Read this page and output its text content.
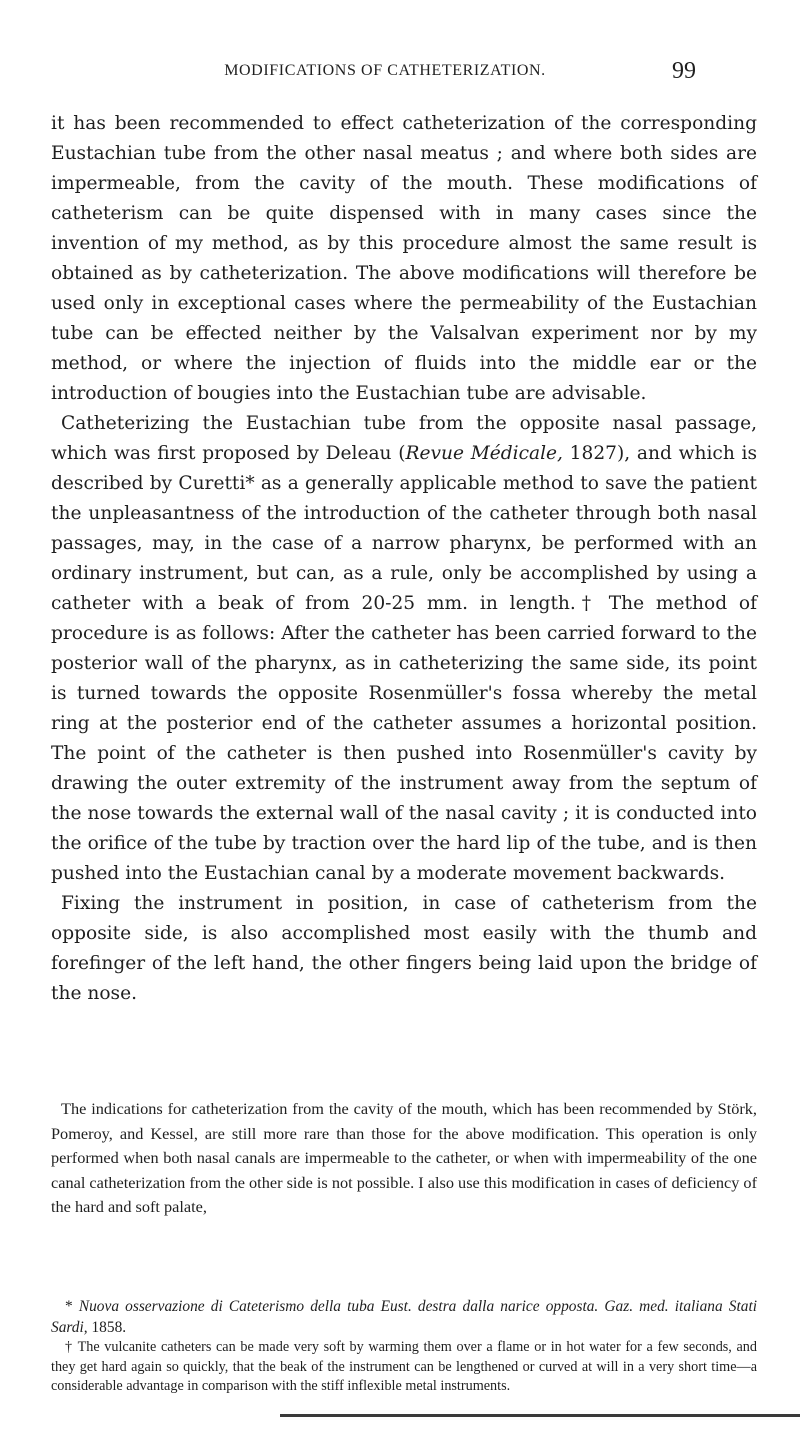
MODIFICATIONS OF CATHETERIZATION.	99

it has been recommended to effect catheterization of the corresponding Eustachian tube from the other nasal meatus ; and where both sides are impermeable, from the cavity of the mouth. These modifications of catheterism can be quite dispensed with in many cases since the invention of my method, as by this procedure almost the same result is obtained as by catheterization. The above modifications will therefore be used only in exceptional cases where the permeability of the Eustachian tube can be effected neither by the Valsalvan experiment nor by my method, or where the injection of fluids into the middle ear or the introduction of bougies into the Eustachian tube are advisable.

Catheterizing the Eustachian tube from the opposite nasal passage, which was first proposed by Deleau (Revue Médicale, 1827), and which is described by Curetti* as a generally applicable method to save the patient the unpleasantness of the introduction of the catheter through both nasal passages, may, in the case of a narrow pharynx, be performed with an ordinary instrument, but can, as a rule, only be accomplished by using a catheter with a beak of from 20-25 mm. in length.† The method of procedure is as follows: After the catheter has been carried forward to the posterior wall of the pharynx, as in catheterizing the same side, its point is turned towards the opposite Rosenmüller's fossa whereby the metal ring at the posterior end of the catheter assumes a horizontal position. The point of the catheter is then pushed into Rosenmüller's cavity by drawing the outer extremity of the instrument away from the septum of the nose towards the external wall of the nasal cavity ; it is conducted into the orifice of the tube by traction over the hard lip of the tube, and is then pushed into the Eustachian canal by a moderate movement backwards.

Fixing the instrument in position, in case of catheterism from the opposite side, is also accomplished most easily with the thumb and forefinger of the left hand, the other fingers being laid upon the bridge of the nose.

The indications for catheterization from the cavity of the mouth, which has been recommended by Störk, Pomeroy, and Kessel, are still more rare than those for the above modification. This operation is only performed when both nasal canals are impermeable to the catheter, or when with impermeability of the one canal catheterization from the other side is not possible. I also use this modification in cases of deficiency of the hard and soft palate,

* Nuova osservazione di Cateterismo della tuba Eust. destra dalla narice opposta. Gaz. med. italiana Stati Sardi, 1858.

† The vulcanite catheters can be made very soft by warming them over a flame or in hot water for a few seconds, and they get hard again so quickly, that the beak of the instrument can be lengthened or curved at will in a very short time—a considerable advantage in comparison with the stiff inflexible metal instruments.
